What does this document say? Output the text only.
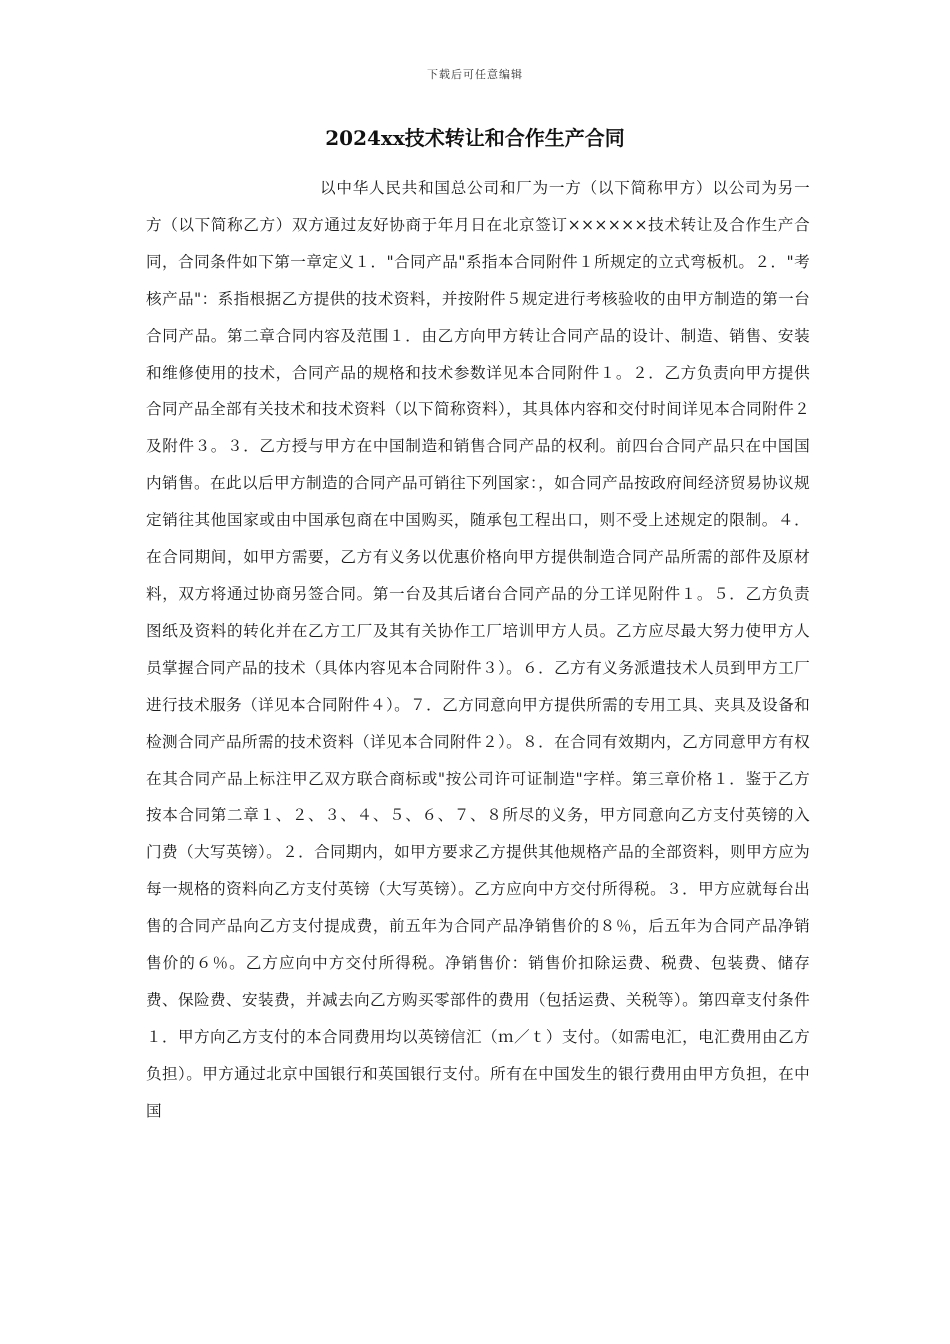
下载后可任意编辑
2024xx技术转让和合作生产合同

以中华人民共和国总公司和厂为一方（以下简称甲方）以公司为另一方（以下简称乙方）双方通过友好协商于年月日在北京签订××××××技术转让及合作生产合同，合同条件如下第一章定义１．"合同产品"系指本合同附件１所规定的立式弯板机。２．"考核产品"：系指根据乙方提供的技术资料，并按附件５规定进行考核验收的由甲方制造的第一台合同产品。第二章合同内容及范围１．由乙方向甲方转让合同产品的设计、制造、销售、安装和维修使用的技术，合同产品的规格和技术参数详见本合同附件１。２．乙方负责向甲方提供合同产品全部有关技术和技术资料（以下简称资料），其具体内容和交付时间详见本合同附件２及附件３。３．乙方授与甲方在中国制造和销售合同产品的权利。前四台合同产品只在中国国内销售。在此以后甲方制造的合同产品可销往下列国家：，如合同产品按政府间经济贸易协议规定销往其他国家或由中国承包商在中国购买，随承包工程出口，则不受上述规定的限制。４．在合同期间，如甲方需要，乙方有义务以优惠价格向甲方提供制造合同产品所需的部件及原材料，双方将通过协商另签合同。第一台及其后诸台合同产品的分工详见附件１。５．乙方负责图纸及资料的转化并在乙方工厂及其有关协作工厂培训甲方人员。乙方应尽最大努力使甲方人员掌握合同产品的技术（具体内容见本合同附件３）。６．乙方有义务派遣技术人员到甲方工厂进行技术服务（详见本合同附件４）。７．乙方同意向甲方提供所需的专用工具、夹具及设备和检测合同产品所需的技术资料（详见本合同附件２）。８．在合同有效期内，乙方同意甲方有权在其合同产品上标注甲乙双方联合商标或"按公司许可证制造"字样。第三章价格１．鉴于乙方按本合同第二章１、２、３、４、５、６、７、８所尽的义务，甲方同意向乙方支付英镑的入门费（大写英镑）。２．合同期内，如甲方要求乙方提供其他规格产品的全部资料，则甲方应为每一规格的资料向乙方支付英镑（大写英镑）。乙方应向中方交付所得税。３．甲方应就每台出售的合同产品向乙方支付提成费，前五年为合同产品净销售价的８％，后五年为合同产品净销售价的６％。乙方应向中方交付所得税。净销售价：销售价扣除运费、税费、包装费、储存费、保险费、安装费，并减去向乙方购买零部件的费用（包括运费、关税等）。第四章支付条件１．甲方向乙方支付的本合同费用均以英镑信汇（ｍ／ｔ）支付。（如需电汇，电汇费用由乙方负担）。甲方通过北京中国银行和英国银行支付。所有在中国发生的银行费用由甲方负担，在中国
